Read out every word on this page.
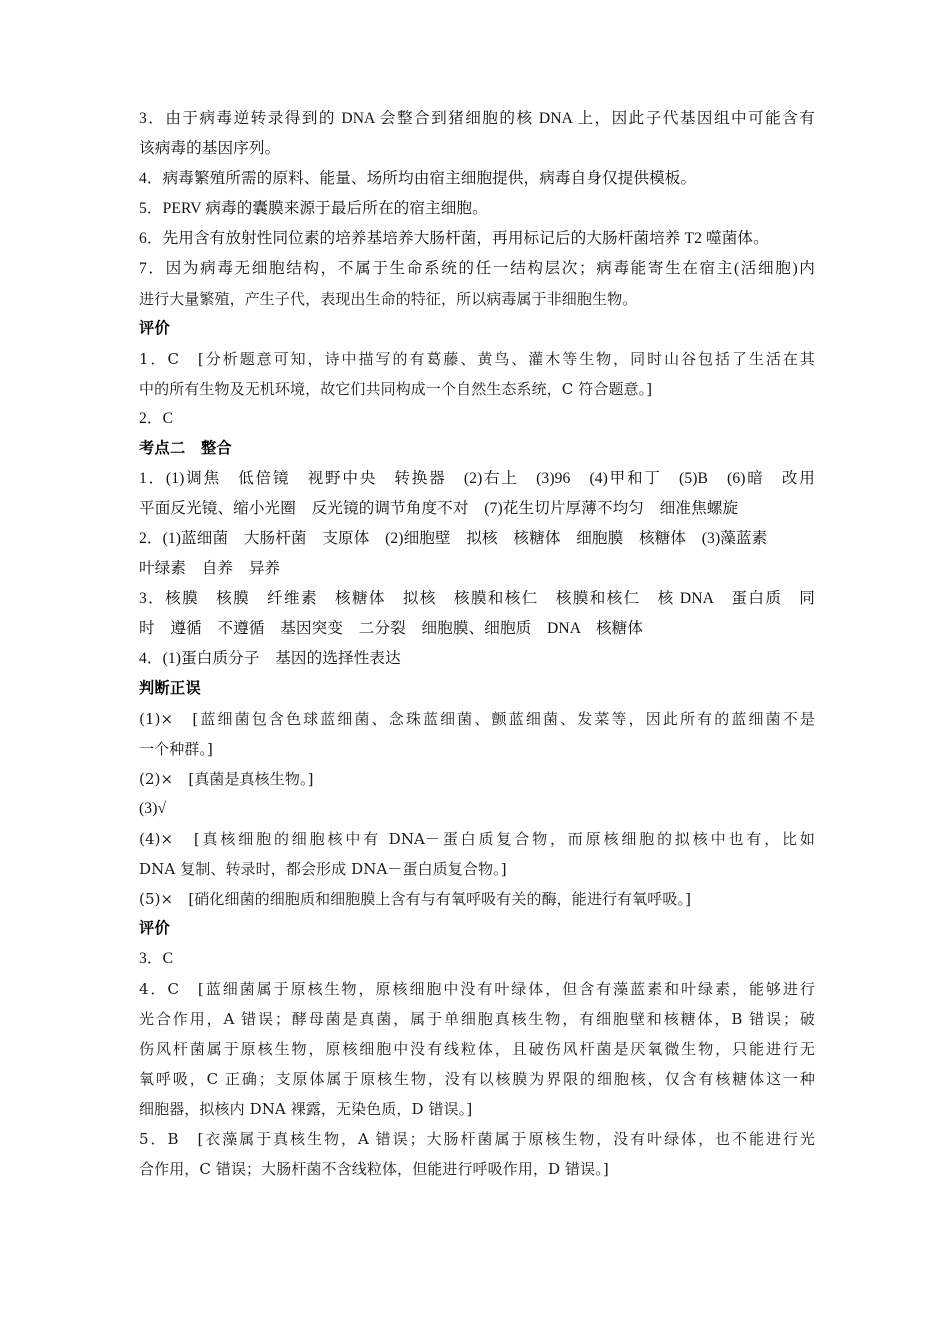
3．由于病毒逆转录得到的 DNA 会整合到猪细胞的核 DNA 上，因此子代基因组中可能含有
该病毒的基因序列。
4．病毒繁殖所需的原料、能量、场所均由宿主细胞提供，病毒自身仅提供模板。
5．PERV 病毒的囊膜来源于最后所在的宿主细胞。
6．先用含有放射性同位素的培养基培养大肠杆菌，再用标记后的大肠杆菌培养 T2 噬菌体。
7．因为病毒无细胞结构，不属于生命系统的任一结构层次；病毒能寄生在宿主(活细胞)内
进行大量繁殖，产生子代，表现出生命的特征，所以病毒属于非细胞生物。
评价
1．C　[分析题意可知，诗中描写的有葛藤、黄鸟、灌木等生物，同时山谷包括了生活在其
中的所有生物及无机环境，故它们共同构成一个自然生态系统，C 符合题意。]
2．C
考点二　整合
1．(1)调焦　低倍镜　视野中央　转换器　(2)右上　(3)96　(4)甲和丁　(5)B　(6)暗　改用
平面反光镜、缩小光圈　反光镜的调节角度不对　(7)花生切片厚薄不均匀　细准焦螺旋
2．(1)蓝细菌　大肠杆菌　支原体　(2)细胞壁　拟核　核糖体　细胞膜　核糖体　(3)藻蓝素
叶绿素　自养　异养
3．核膜　核膜　纤维素　核糖体　拟核　核膜和核仁　核膜和核仁　核 DNA　蛋白质　同
时　遵循　不遵循　基因突变　二分裂　细胞膜、细胞质　DNA　核糖体
4．(1)蛋白质分子　基因的选择性表达
判断正误
(1)×　[蓝细菌包含色球蓝细菌、念珠蓝细菌、颤蓝细菌、发菜等，因此所有的蓝细菌不是
一个种群。]
(2)×　[真菌是真核生物。]
(3)√
(4)×　[真核细胞的细胞核中有 DNA－蛋白质复合物，而原核细胞的拟核中也有，比如
DNA 复制、转录时，都会形成 DNA－蛋白质复合物。]
(5)×　[硝化细菌的细胞质和细胞膜上含有与有氧呼吸有关的酶，能进行有氧呼吸。]
评价
3．C
4．C　[蓝细菌属于原核生物，原核细胞中没有叶绿体，但含有藻蓝素和叶绿素，能够进行
光合作用，A 错误；酵母菌是真菌，属于单细胞真核生物，有细胞壁和核糖体，B 错误；破
伤风杆菌属于原核生物，原核细胞中没有线粒体，且破伤风杆菌是厌氧微生物，只能进行无
氧呼吸，C 正确；支原体属于原核生物，没有以核膜为界限的细胞核，仅含有核糖体这一种
细胞器，拟核内 DNA 裸露，无染色质，D 错误。]
5．B　[衣藻属于真核生物，A 错误；大肠杆菌属于原核生物，没有叶绿体，也不能进行光
合作用，C 错误；大肠杆菌不含线粒体，但能进行呼吸作用，D 错误。]
